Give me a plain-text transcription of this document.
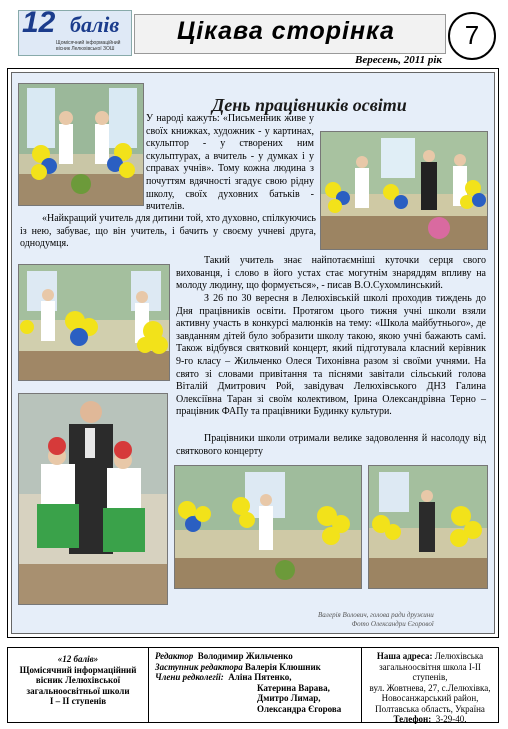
12 балів
Щомісячний інформаційний вісник Лелюхівської ЗОШ
Цікава сторінка	7
Вересень, 2011 рік
День працівників освіти
У народі кажуть: «Письменник живе у своїх книжках, художник - у картинах, скульптор - у створених ним скульптурах, а вчитель - у думках і у справах учнів». Тому кожна людина з почуттям вдячності згадує свою рідну школу, своїх духовних батьків - вчителів.
«Найкращий учитель для дитини той, хто духовно, спілкуючись із нею, забуває, що він учитель, і бачить у своєму учневі друга, однодумця.
Такий учитель знає найпотаємніші куточки серця свого вихованця, і слово в його устах стає могутнім знаряддям впливу на молоду людину, що формується», - писав В.О.Сухомлинський.
З 26 по 30 вересня в Лелюхівській школі проходив тиждень до Дня працівників освіти. Протягом цього тижня учні школи взяли активну участь в конкурсі малюнків на тему: «Школа майбутнього», де завданням дітей було зобразити школу такою, якою учні бажають самі. Також відбувся святковий концерт, який підготувала класний керівник 9-го класу – Жильченко Олеся Тихонівна разом зі своїми учнями. На свято зі словами привітання та піснями завітали сільський голова Віталій Дмитрович Рой, завідувач Лелюхівського ДНЗ Галина Олексіївна Таран зі своїм колективом, Ірина Олександрівна Терно – працівник ФАПу та працівники Будинку культури.
Працівники школи отримали велике задоволення й насолоду від святкового концерту
Валерія Волович, голова ради дружини
Фото Олександри Єгорової
«12 балів»
Щомісячний інформаційний
вісник Лелюхівської
загальноосвітньої школи
І – ІІ ступенів
Редактор Володимир Жильченко
Заступник редактора Валерія Клюшник
Члени редколегії: Аліна Пятенко,
Катерина Варава,
Дмитро Лимар,
Олександра Єгорова
Наша адреса: Лелюхівська
загальноосвітня школа І-ІІ ступенів,
вул. Жовтнева, 27, с.Лелюхівка,
Новосанжарський район,
Полтавська область, Україна
Телефон: 3-29-40.
